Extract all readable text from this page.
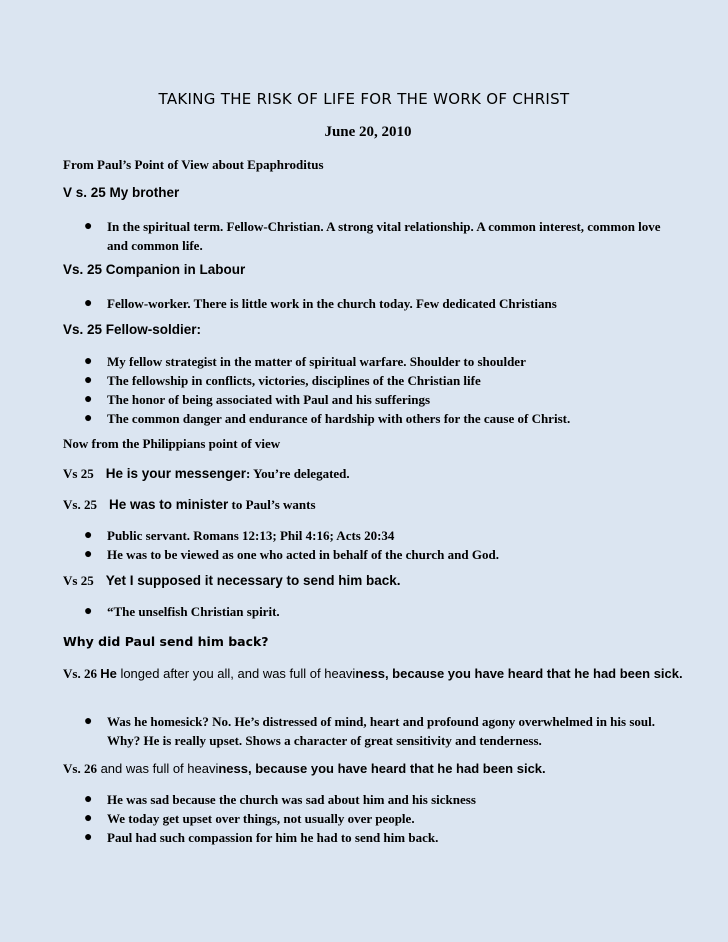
TAKING THE RISK OF LIFE FOR THE WORK OF CHRIST
June 20, 2010
From Paul’s Point of View about Epaphroditus
V s. 25 My brother
● In the spiritual term. Fellow-Christian. A strong vital relationship. A common interest, common love and common life.
Vs. 25 Companion in Labour
● Fellow-worker. There is little work in the church today. Few dedicated Christians
Vs. 25 Fellow-soldier:
● My fellow strategist in the matter of spiritual warfare. Shoulder to shoulder
● The fellowship in conflicts, victories, disciplines of the Christian life
● The honor of being associated with Paul and his sufferings
● The common danger and endurance of hardship with others for the cause of Christ.
Now from the Philippians point of view
Vs 25 He is your messenger: You’re delegated.
Vs. 25 He was to minister to Paul’s wants
● Public servant. Romans 12:13; Phil 4:16; Acts 20:34
● He was to be viewed as one who acted in behalf of the church and God.
Vs 25 Yet I supposed it necessary to send him back.
● “The unselfish Christian spirit.
Why did Paul send him back?
Vs. 26 He longed after you all, and was full of heaviness, because you have heard that he had been sick.
● Was he homesick? No. He’s distressed of mind, heart and profound agony overwhelmed in his soul. Why? He is really upset. Shows a character of great sensitivity and tenderness.
Vs. 26 and was full of heaviness, because you have heard that he had been sick.
● He was sad because the church was sad about him and his sickness
● We today get upset over things, not usually over people.
● Paul had such compassion for him he had to send him back.
